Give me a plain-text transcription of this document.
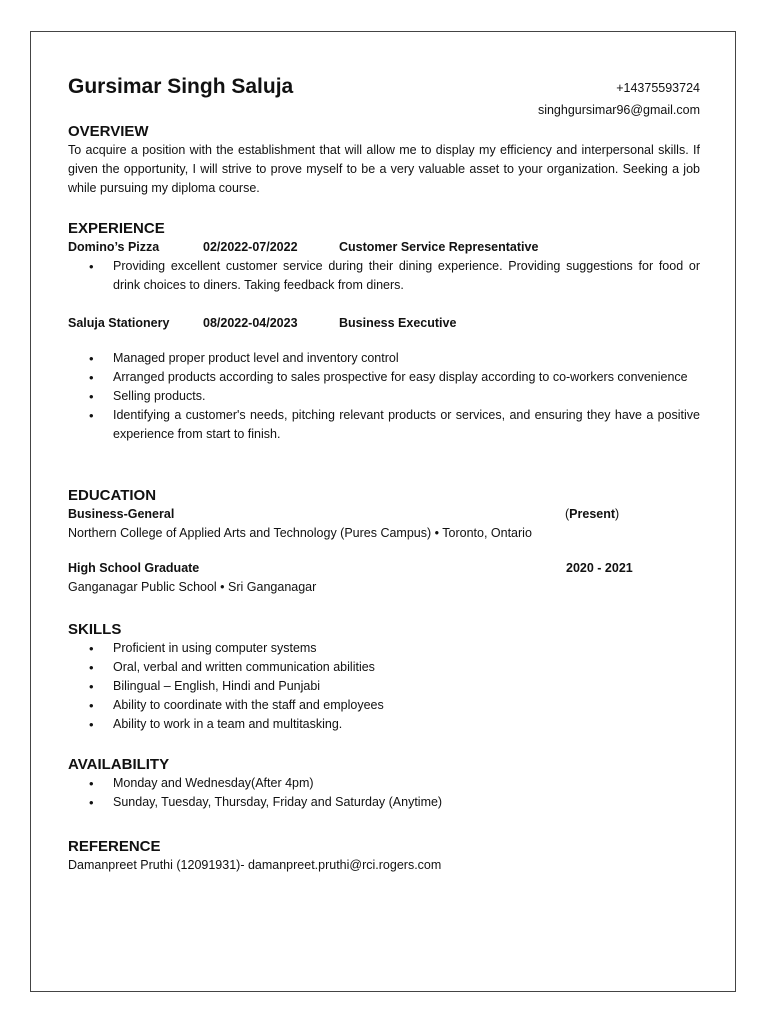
Gursimar Singh Saluja	+14375593724
singhgursimar96@gmail.com
OVERVIEW
To acquire a position with the establishment that will allow me to display my efficiency and interpersonal skills. If given the opportunity, I will strive to prove myself to be a very valuable asset to your organization. Seeking a job while pursuing my diploma course.
EXPERIENCE
Domino’s Pizza	02/2022-07/2022	Customer Service Representative
• Providing excellent customer service during their dining experience. Providing suggestions for food or drink choices to diners. Taking feedback from diners.
Saluja Stationery	08/2022-04/2023	Business Executive
• Managed proper product level and inventory control
• Arranged products according to sales prospective for easy display according to co-workers convenience
• Selling products.
• Identifying a customer's needs, pitching relevant products or services, and ensuring they have a positive experience from start to finish.
EDUCATION
Business-General	(Present)
Northern College of Applied Arts and Technology (Pures Campus) • Toronto, Ontario
High School Graduate	2020 - 2021
Ganganagar Public School • Sri Ganganagar
SKILLS
• Proficient in using computer systems
• Oral, verbal and written communication abilities
• Bilingual – English, Hindi and Punjabi
• Ability to coordinate with the staff and employees
• Ability to work in a team and multitasking.
AVAILABILITY
• Monday and Wednesday(After 4pm)
• Sunday, Tuesday, Thursday, Friday and Saturday (Anytime)
REFERENCE
Damanpreet Pruthi (12091931)- damanpreet.pruthi@rci.rogers.com
